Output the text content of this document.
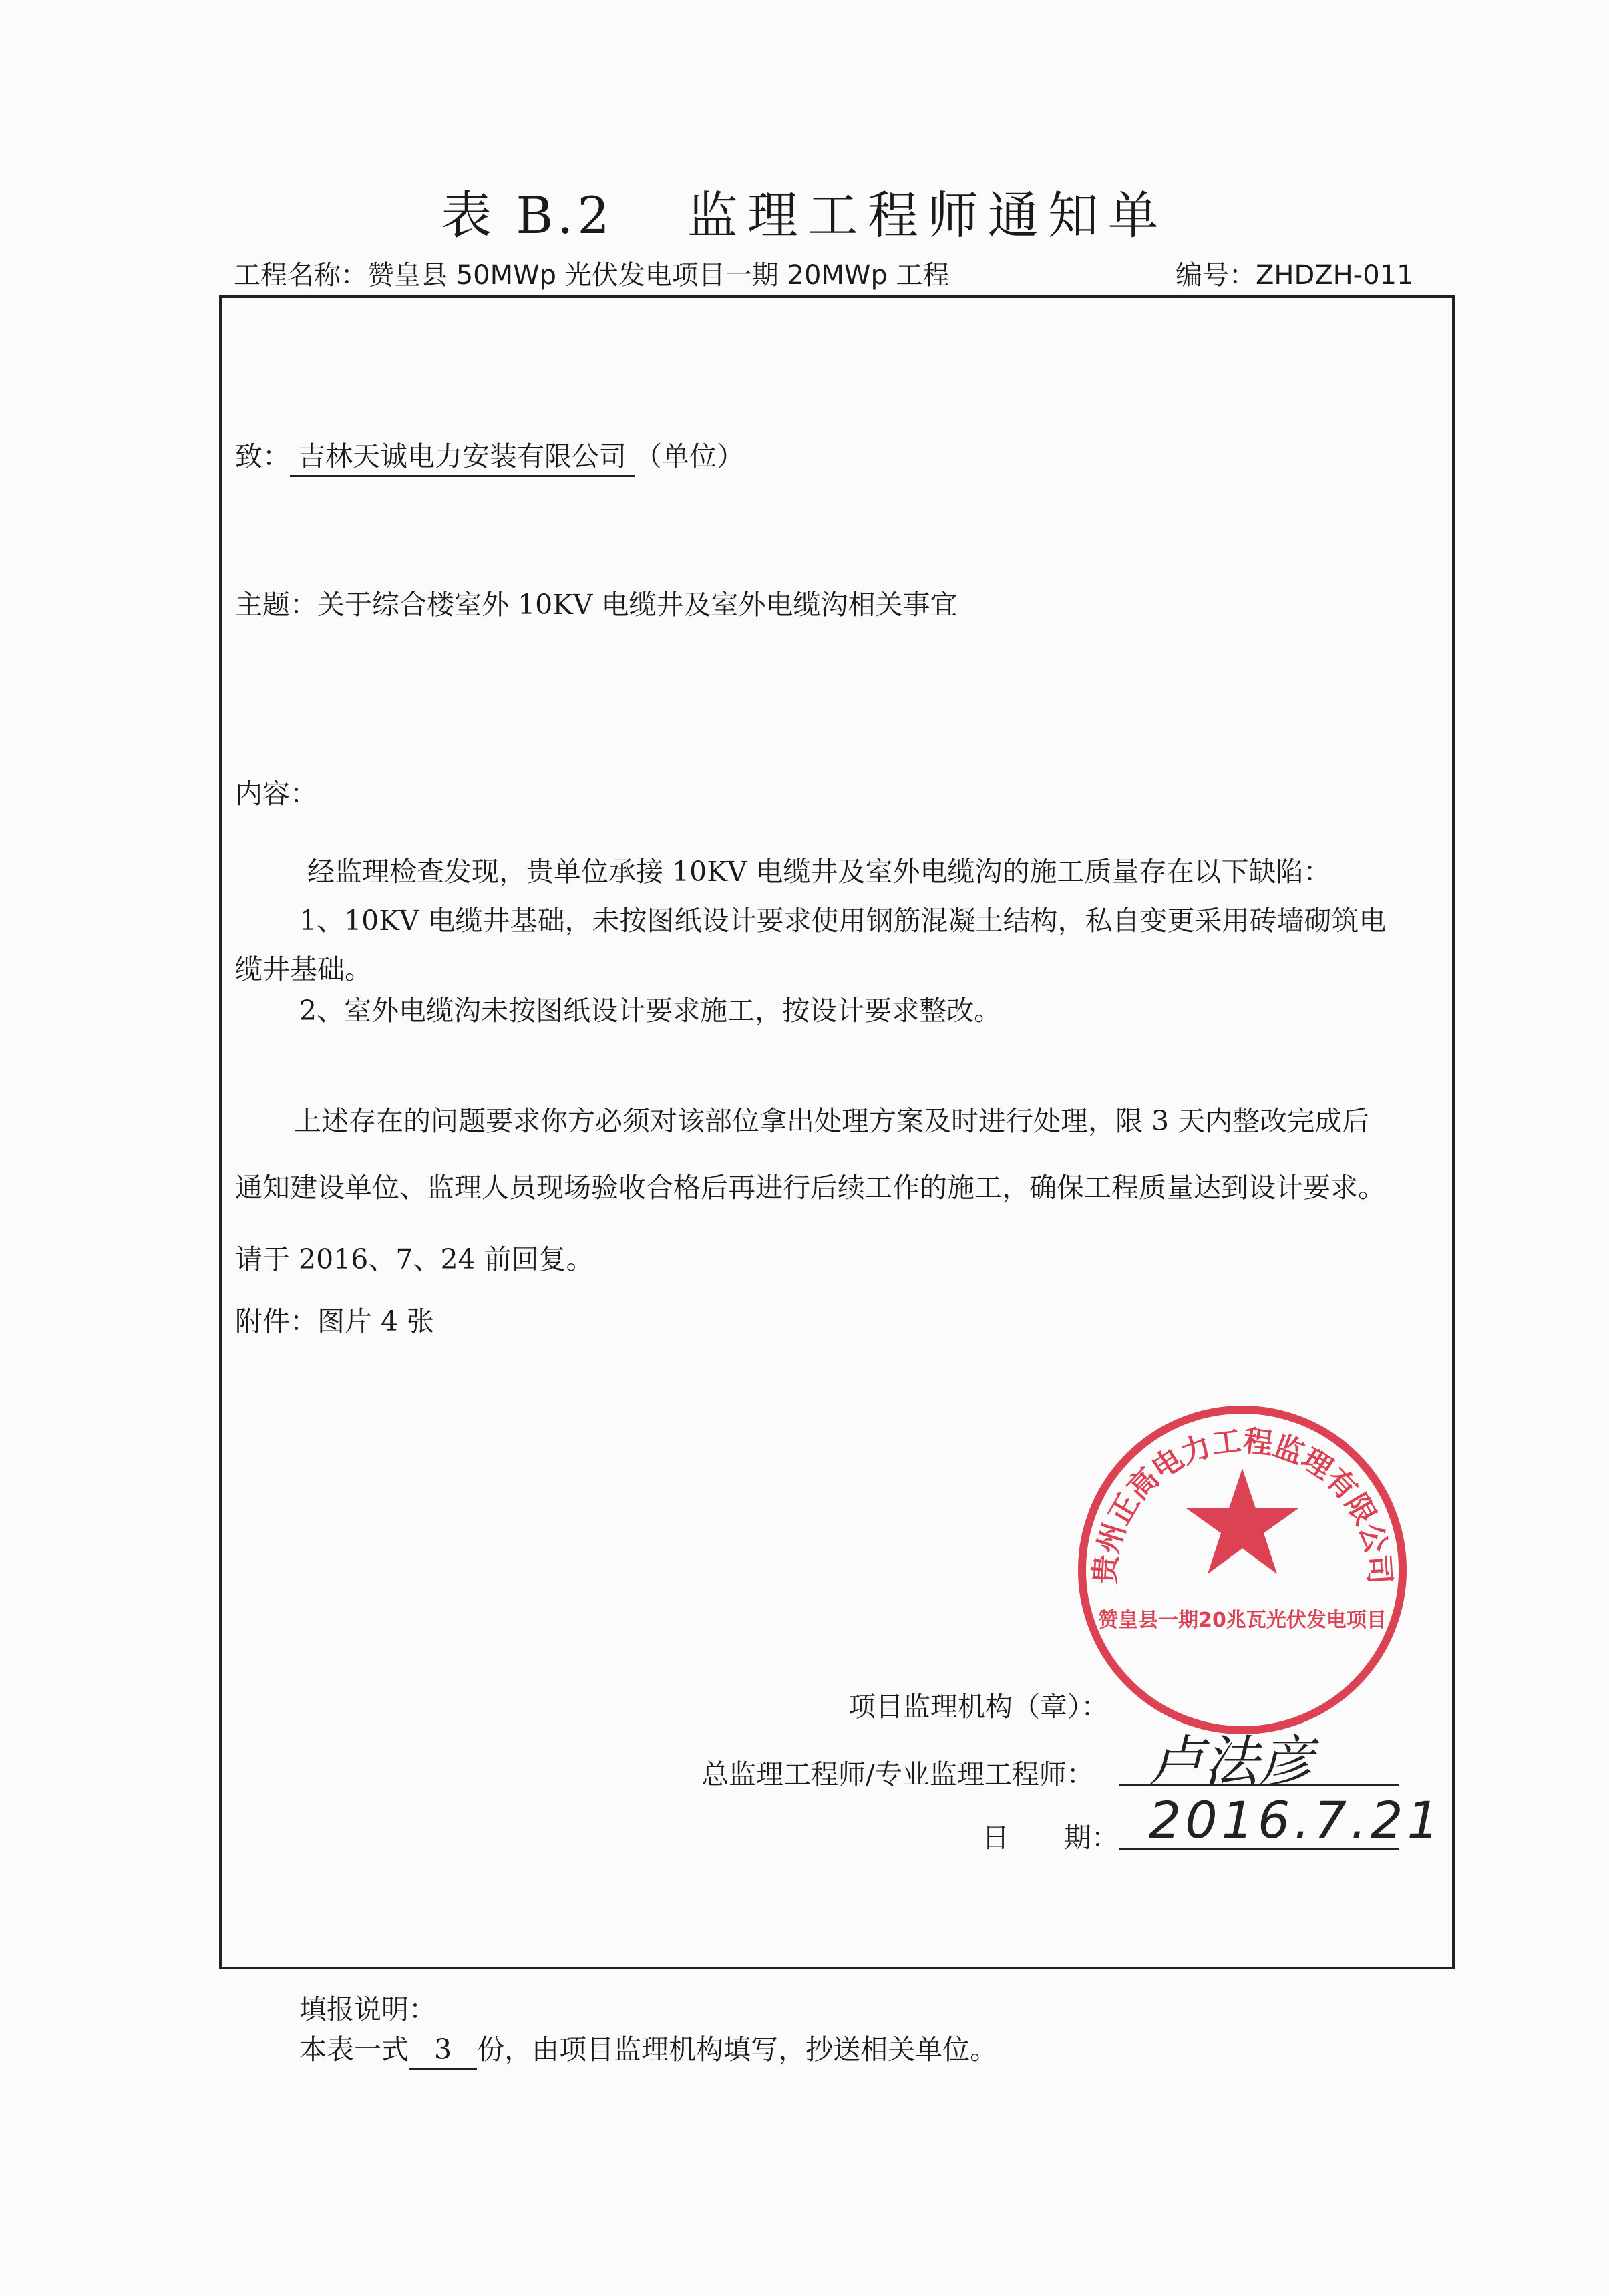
表 B.2 监理工程师通知单
工程名称：赞皇县 50MWp 光伏发电项目一期 20MWp 工程	编号：ZHDZH-011
致： 吉林天诚电力安装有限公司 （单位）
主题：关于综合楼室外 10KV 电缆井及室外电缆沟相关事宜
内容：
经监理检查发现，贵单位承接 10KV 电缆井及室外电缆沟的施工质量存在以下缺陷：
1、10KV 电缆井基础，未按图纸设计要求使用钢筋混凝土结构，私自变更采用砖墙砌筑电
缆井基础。
2、室外电缆沟未按图纸设计要求施工，按设计要求整改。
上述存在的问题要求你方必须对该部位拿出处理方案及时进行处理，限 3 天内整改完成后
通知建设单位、监理人员现场验收合格后再进行后续工作的施工，确保工程质量达到设计要求。
请于 2016、7、24 前回复。
附件：图片 4 张
贵州正高电力工程监理有限公司
赞皇县一期20兆瓦光伏发电项目
项目监理机构（章）：
总监理工程师/专业监理工程师： 卢法彦
日　　期： 2016.7.21
填报说明：
本表一式 3 份，由项目监理机构填写，抄送相关单位。
